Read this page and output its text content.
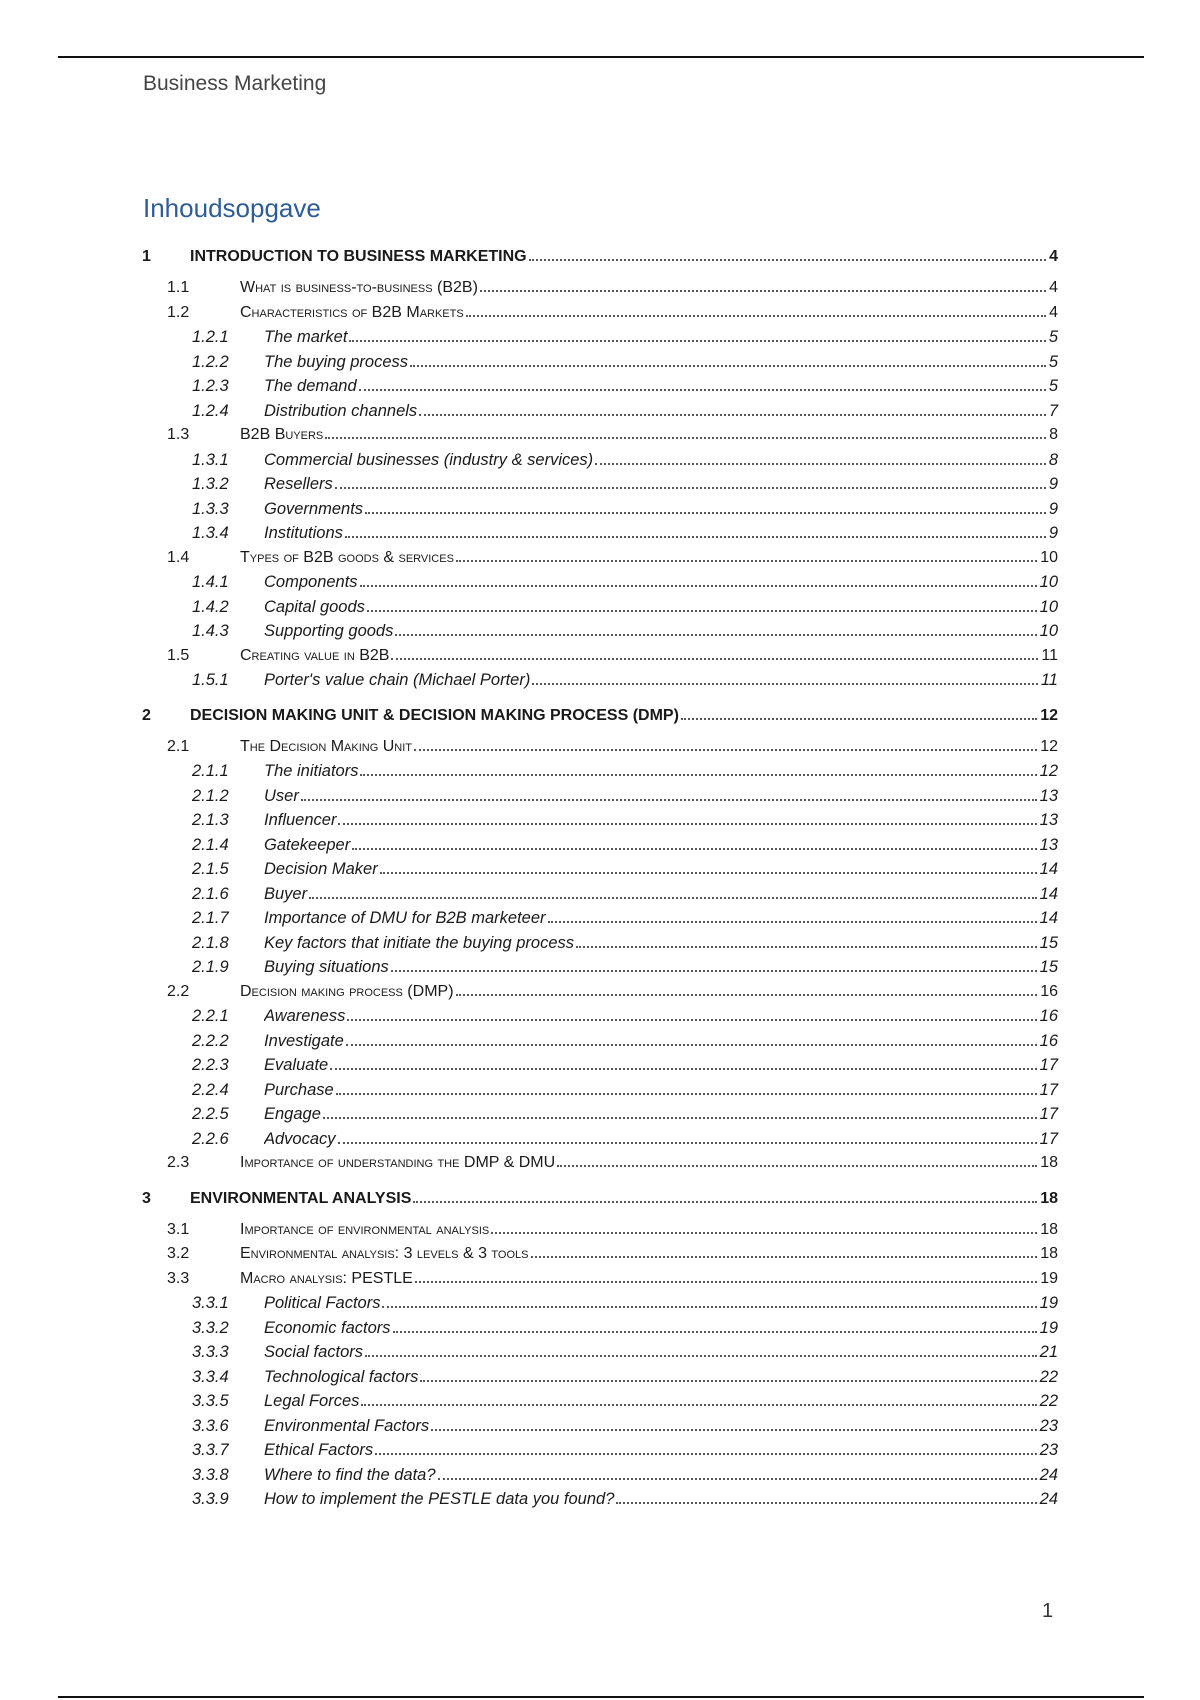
Business Marketing
Inhoudsopgave
1 INTRODUCTION TO BUSINESS MARKETING	4
1.1	What is business-to-business (B2B)	4
1.2	Characteristics of B2B Markets	4
1.2.1 The market	5
1.2.2 The buying process	5
1.2.3 The demand	5
1.2.4 Distribution channels	7
1.3	B2B Buyers	8
1.3.1 Commercial businesses (industry & services)	8
1.3.2 Resellers	9
1.3.3 Governments	9
1.3.4 Institutions	9
1.4	Types of B2B goods & services	10
1.4.1 Components	10
1.4.2 Capital goods	10
1.4.3 Supporting goods	10
1.5	Creating value in B2B	11
1.5.1 Porter's value chain (Michael Porter)	11
2 DECISION MAKING UNIT & DECISION MAKING PROCESS (DMP)	12
2.1	The Decision Making Unit	12
2.1.1 The initiators	12
2.1.2 User	13
2.1.3 Influencer	13
2.1.4 Gatekeeper	13
2.1.5 Decision Maker	14
2.1.6 Buyer	14
2.1.7 Importance of DMU for B2B marketeer	14
2.1.8 Key factors that initiate the buying process	15
2.1.9 Buying situations	15
2.2	Decision making process (DMP)	16
2.2.1 Awareness	16
2.2.2 Investigate	16
2.2.3 Evaluate	17
2.2.4 Purchase	17
2.2.5 Engage	17
2.2.6 Advocacy	17
2.3	Importance of understanding the DMP & DMU	18
3 ENVIRONMENTAL ANALYSIS	18
3.1	Importance of environmental analysis	18
3.2	Environmental analysis: 3 levels & 3 tools	18
3.3	Macro analysis: PESTLE	19
3.3.1 Political Factors	19
3.3.2 Economic factors	19
3.3.3 Social factors	21
3.3.4 Technological factors	22
3.3.5 Legal Forces	22
3.3.6 Environmental Factors	23
3.3.7 Ethical Factors	23
3.3.8 Where to find the data?	24
3.3.9 How to implement the PESTLE data you found?	24
1
